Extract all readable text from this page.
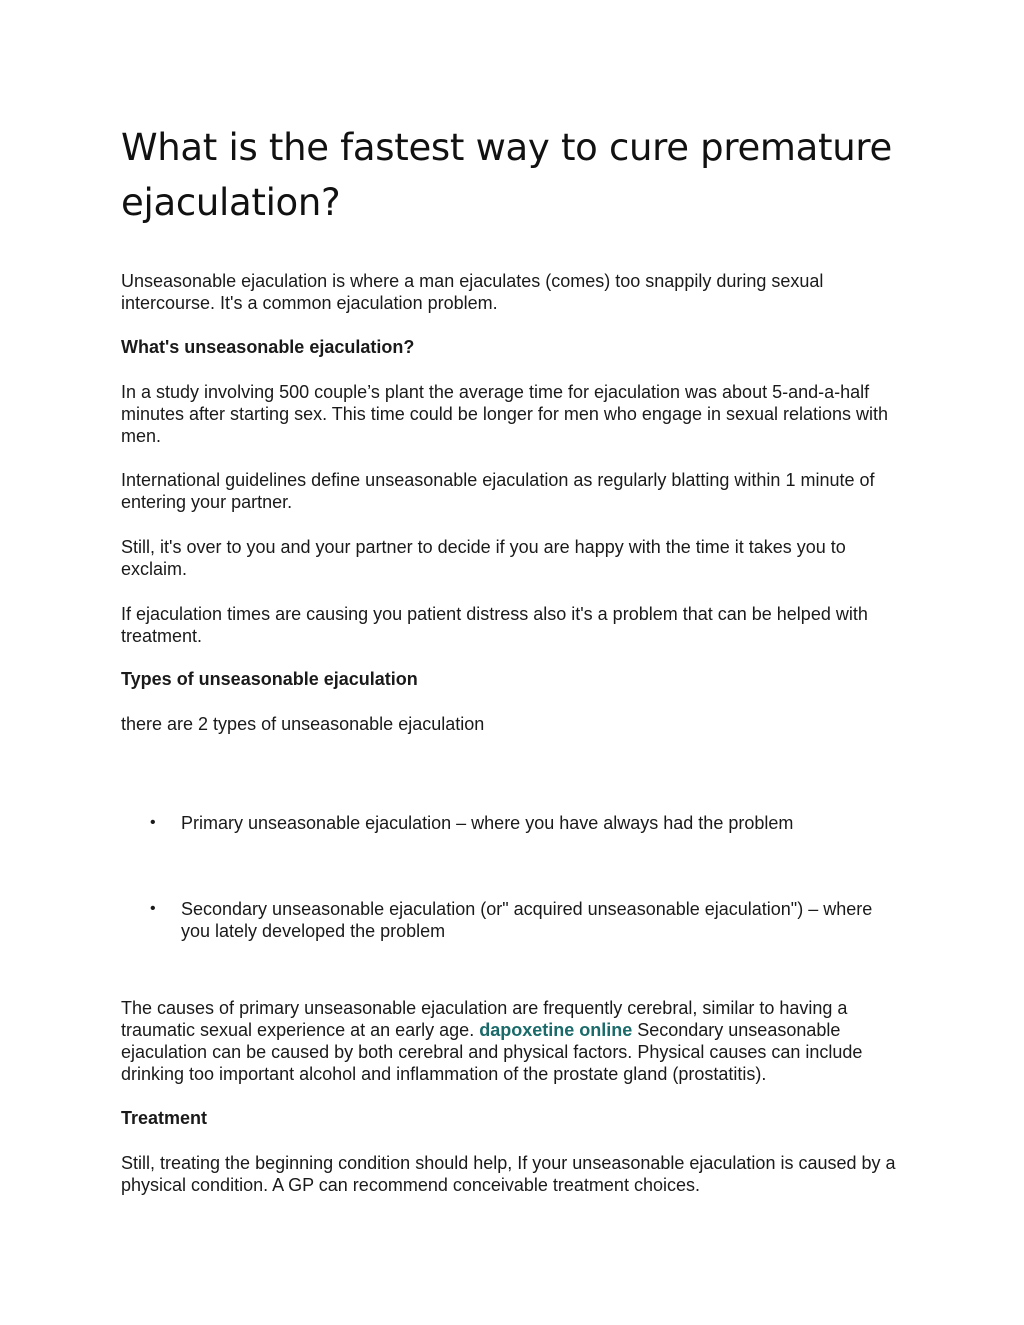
What is the fastest way to cure premature ejaculation?

Unseasonable ejaculation is where a man ejaculates (comes) too snappily during sexual intercourse. It's a common ejaculation problem.

What's unseasonable ejaculation?

In a study involving 500 couple’s plant the average time for ejaculation was about 5-and-a-half minutes after starting sex. This time could be longer for men who engage in sexual relations with men.

International guidelines define unseasonable ejaculation as regularly blatting within 1 minute of entering your partner.

Still, it's over to you and your partner to decide if you are happy with the time it takes you to exclaim.

If ejaculation times are causing you patient distress also it's a problem that can be helped with treatment.

Types of unseasonable ejaculation

there are 2 types of unseasonable ejaculation

• Primary unseasonable ejaculation – where you have always had the problem

• Secondary unseasonable ejaculation (or" acquired unseasonable ejaculation") – where you lately developed the problem

The causes of primary unseasonable ejaculation are frequently cerebral, similar to having a traumatic sexual experience at an early age. dapoxetine online Secondary unseasonable ejaculation can be caused by both cerebral and physical factors. Physical causes can include drinking too important alcohol and inflammation of the prostate gland (prostatitis).

Treatment

Still, treating the beginning condition should help, If your unseasonable ejaculation is caused by a physical condition. A GP can recommend conceivable treatment choices.
